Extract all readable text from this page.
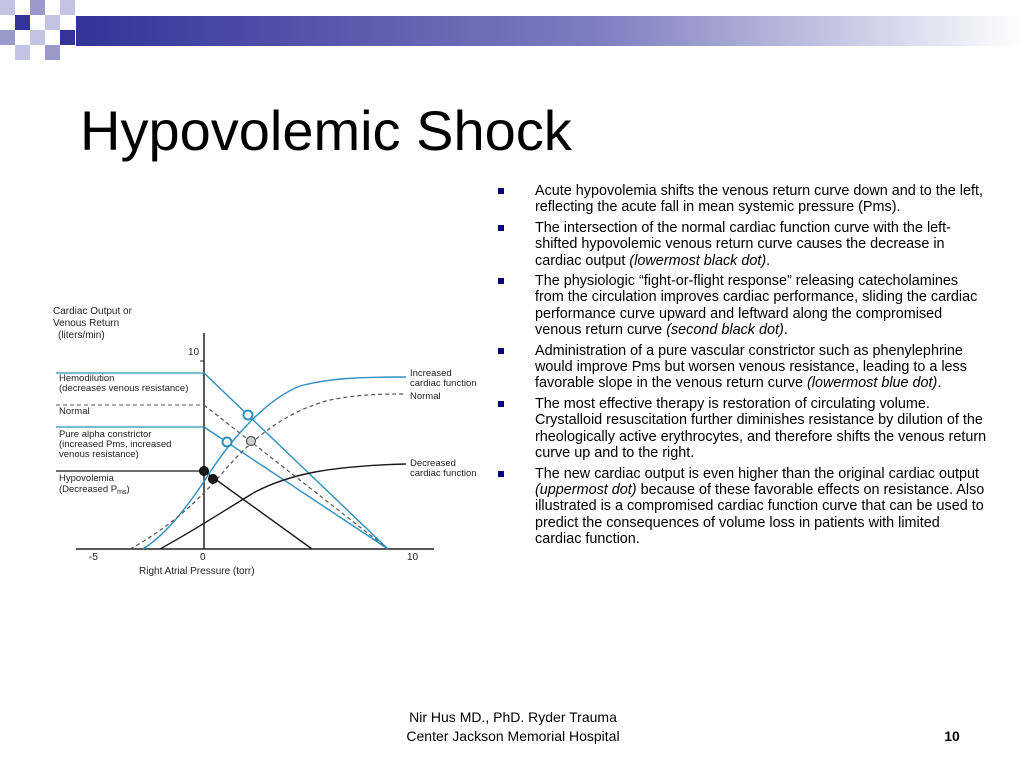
Hypovolemic Shock
Cardiac Output or
Venous Return
(liters/min)
10
-5	0	10
Right Atrial Pressure (torr)
Hemodilution
(decreases venous resistance)
Normal
Pure alpha constrictor
(increased Pms, increased
venous resistance)
Hypovolemia
(Decreased $P_{ms}$)
Increased
cardiac function
Normal
Decreased
cardiac function
Acute hypovolemia shifts the venous return curve down and to the left, reflecting the acute fall in mean systemic pressure (Pms).
The intersection of the normal cardiac function curve with the left-shifted hypovolemic venous return curve causes the decrease in cardiac output (lowermost black dot).
The physiologic “fight-or-flight response” releasing catecholamines from the circulation improves cardiac performance, sliding the cardiac performance curve upward and leftward along the compromised venous return curve (second black dot).
Administration of a pure vascular constrictor such as phenylephrine would improve Pms but worsen venous resistance, leading to a less favorable slope in the venous return curve (lowermost blue dot).
The most effective therapy is restoration of circulating volume. Crystalloid resuscitation further diminishes resistance by dilution of the rheologically active erythrocytes, and therefore shifts the venous return curve up and to the right.
The new cardiac output is even higher than the original cardiac output (uppermost dot) because of these favorable effects on resistance. Also illustrated is a compromised cardiac function curve that can be used to predict the consequences of volume loss in patients with limited cardiac function.
Nir Hus MD., PhD. Ryder Trauma
Center Jackson Memorial Hospital	10
